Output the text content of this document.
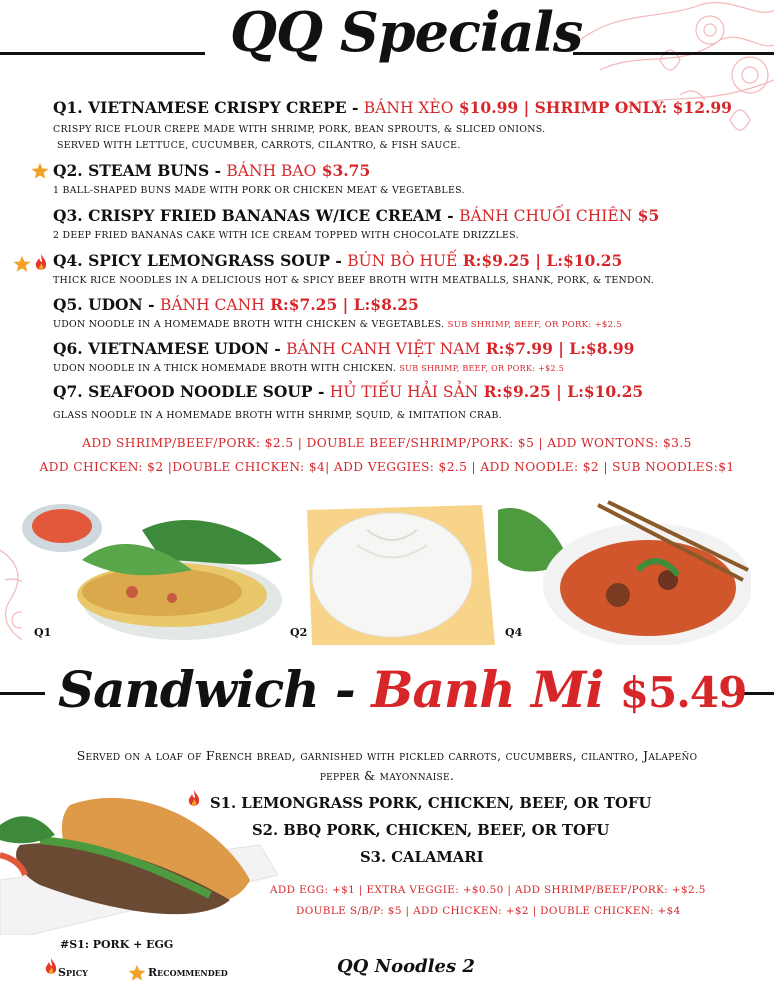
QQ Specials
Q1. VIETNAMESE CRISPY CREPE - BÁNH XÈO $10.99 | SHRIMP ONLY: $12.99
CRISPY RICE FLOUR CREPE MADE WITH SHRIMP, PORK, BEAN SPROUTS, & SLICED ONIONS.
SERVED WITH LETTUCE, CUCUMBER, CARROTS, CILANTRO, & FISH SAUCE.
Q2. STEAM BUNS - BÁNH BAO $3.75
1 BALL-SHAPED BUNS MADE WITH PORK OR CHICKEN MEAT & VEGETABLES.
Q3. CRISPY FRIED BANANAS W/ICE CREAM - BÁNH CHUỐI CHIÊN $5
2 DEEP FRIED BANANAS CAKE WITH ICE CREAM TOPPED WITH CHOCOLATE DRIZZLES.
Q4. SPICY LEMONGRASS SOUP - BÚN BÒ HUẾ R:$9.25 | L:$10.25
THICK RICE NOODLES IN A DELICIOUS HOT & SPICY BEEF BROTH WITH MEATBALLS, SHANK, PORK, & TENDON.
Q5. UDON - BÁNH CANH R:$7.25 | L:$8.25
UDON NOODLE IN A HOMEMADE BROTH WITH CHICKEN & VEGETABLES. SUB SHRIMP, BEEF, OR PORK: +$2.5
Q6. VIETNAMESE UDON - BÁNH CANH VIỆT NAM R:$7.99 | L:$8.99
UDON NOODLE IN A THICK HOMEMADE BROTH WITH CHICKEN. SUB SHRIMP, BEEF, OR PORK: +$2.5
Q7. SEAFOOD NOODLE SOUP - HỦ TIẾU HẢI SẢN R:$9.25 | L:$10.25
GLASS NOODLE IN A HOMEMADE BROTH WITH SHRIMP, SQUID, & IMITATION CRAB.
ADD SHRIMP/BEEF/PORK: $2.5 | DOUBLE BEEF/SHRIMP/PORK: $5 | ADD WONTONS: $3.5
ADD CHICKEN: $2 |DOUBLE CHICKEN: $4| ADD VEGGIES: $2.5 | ADD NOODLE: $2 | SUB NOODLES:$1
Q1	Q2	Q4
Sandwich - Banh Mi $5.49
Served on a loaf of French bread, garnished with pickled carrots, cucumbers, cilantro, Jalapeño
pepper & mayonnaise.
S1. LEMONGRASS PORK, CHICKEN, BEEF, OR TOFU
S2. BBQ PORK, CHICKEN, BEEF, OR TOFU
S3. CALAMARI
ADD EGG: +$1 | EXTRA VEGGIE: +$0.50 | ADD SHRIMP/BEEF/PORK: +$2.5
DOUBLE S/B/P: $5 | ADD CHICKEN: +$2 | DOUBLE CHICKEN: +$4
#S1: PORK + EGG
Spicy	Recommended	QQ Noodles 2
